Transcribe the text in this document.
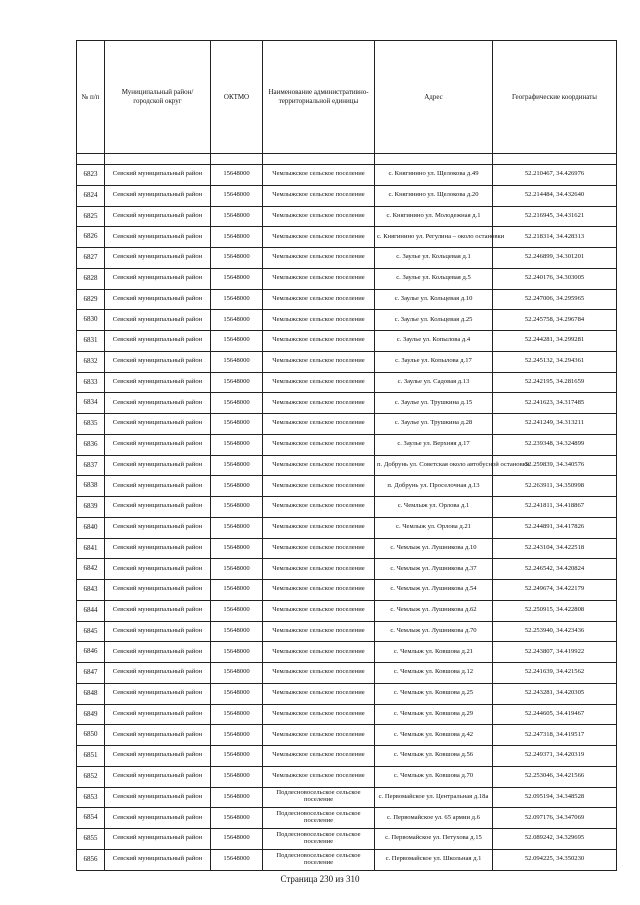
№ п/п	Муниципальный район/городской округ	ОКТМО	Наименование административно-территориальной единицы	Адрес	Географические координаты

6823	Севский муниципальный район	15648000	Чемлыжское сельское поселение	с. Княгинино ул. Щелокова д.49	52.210467, 34.426976
6824	Севский муниципальный район	15648000	Чемлыжское сельское поселение	с. Княгинино ул. Щелокова д.20	52.214484, 34.432640
6825	Севский муниципальный район	15648000	Чемлыжское сельское поселение	с. Княгинино ул. Молодежная д.1	52.216945, 34.431621
6826	Севский муниципальный район	15648000	Чемлыжское сельское поселение	с. Княгинино ул. Регулина – около остановки	52.218314, 34.428313
6827	Севский муниципальный район	15648000	Чемлыжское сельское поселение	с. Заулье ул. Кольцевая д.1	52.246899, 34.301201
6828	Севский муниципальный район	15648000	Чемлыжское сельское поселение	с. Заулье ул. Кольцевая д.5	52.240176, 34.303005
6829	Севский муниципальный район	15648000	Чемлыжское сельское поселение	с. Заулье ул. Кольцевая д.10	52.247006, 34.295965
6830	Севский муниципальный район	15648000	Чемлыжское сельское поселение	с. Заулье ул. Кольцевая д.25	52.245758, 34.296784
6831	Севский муниципальный район	15648000	Чемлыжское сельское поселение	с. Заулье ул. Копылова д.4	52.244281, 34.299281
6832	Севский муниципальный район	15648000	Чемлыжское сельское поселение	с. Заулье ул. Копылова д.17	52.245132, 34.294361
6833	Севский муниципальный район	15648000	Чемлыжское сельское поселение	с. Заулье ул. Садовая д.13	52.242195, 34.281659
6834	Севский муниципальный район	15648000	Чемлыжское сельское поселение	с. Заулье ул. Трушкина д.15	52.241623, 34.317485
6835	Севский муниципальный район	15648000	Чемлыжское сельское поселение	с. Заулье ул. Трушкина д.28	52.241249, 34.313211
6836	Севский муниципальный район	15648000	Чемлыжское сельское поселение	с. Заулье ул. Верхняя д.17	52.239348, 34.324899
6837	Севский муниципальный район	15648000	Чемлыжское сельское поселение	п. Добрунь ул. Советская около автобусной остановки	52.259839, 34.340576
6838	Севский муниципальный район	15648000	Чемлыжское сельское поселение	п. Добрунь ул. Проселочная д.13	52.263911, 34.350998
6839	Севский муниципальный район	15648000	Чемлыжское сельское поселение	с. Чемлыж ул. Орлова д.1	52.241811, 34.418867
6840	Севский муниципальный район	15648000	Чемлыжское сельское поселение	с. Чемлыж ул. Орлова д.21	52.244891, 34.417826
6841	Севский муниципальный район	15648000	Чемлыжское сельское поселение	с. Чемлыж ул. Лушникова д.10	52.243104, 34.422518
6842	Севский муниципальный район	15648000	Чемлыжское сельское поселение	с. Чемлыж ул. Лушникова д.37	52.246542, 34.420824
6843	Севский муниципальный район	15648000	Чемлыжское сельское поселение	с. Чемлыж ул. Лушникова д.54	52.249674, 34.422179
6844	Севский муниципальный район	15648000	Чемлыжское сельское поселение	с. Чемлыж ул. Лушникова д.62	52.250915, 34.422808
6845	Севский муниципальный район	15648000	Чемлыжское сельское поселение	с. Чемлыж ул. Лушникова д.70	52.253940, 34.423436
6846	Севский муниципальный район	15648000	Чемлыжское сельское поселение	с. Чемлыж ул. Ковшова д.21	52.243807, 34.419922
6847	Севский муниципальный район	15648000	Чемлыжское сельское поселение	с. Чемлыж ул. Ковшова д.12	52.241639, 34.421562
6848	Севский муниципальный район	15648000	Чемлыжское сельское поселение	с. Чемлыж ул. Ковшова д.25	52.243281, 34.420305
6849	Севский муниципальный район	15648000	Чемлыжское сельское поселение	с. Чемлыж ул. Ковшова д.29	52.244605, 34.419467
6850	Севский муниципальный район	15648000	Чемлыжское сельское поселение	с. Чемлыж ул. Ковшова д.42	52.247318, 34.419517
6851	Севский муниципальный район	15648000	Чемлыжское сельское поселение	с. Чемлыж ул. Ковшова д.56	52.249371, 34.420319
6852	Севский муниципальный район	15648000	Чемлыжское сельское поселение	с. Чемлыж ул. Ковшова д.70	52.253046, 34.421566
6853	Севский муниципальный район	15648000	Подлесновосельское сельское поселение	с. Первомайское ул. Центральная д.18а	52.095194, 34.348528
6854	Севский муниципальный район	15648000	Подлесновосельское сельское поселение	с. Первомайское ул. 65 армии д.6	52.097176, 34.347069
6855	Севский муниципальный район	15648000	Подлесновосельское сельское поселение	с. Первомайское ул. Петухова д.15	52.089242, 34.329695
6856	Севский муниципальный район	15648000	Подлесновосельское сельское поселение	с. Первомайское ул. Школьная д.1	52.094225, 34.350230
Страница 230 из 310
